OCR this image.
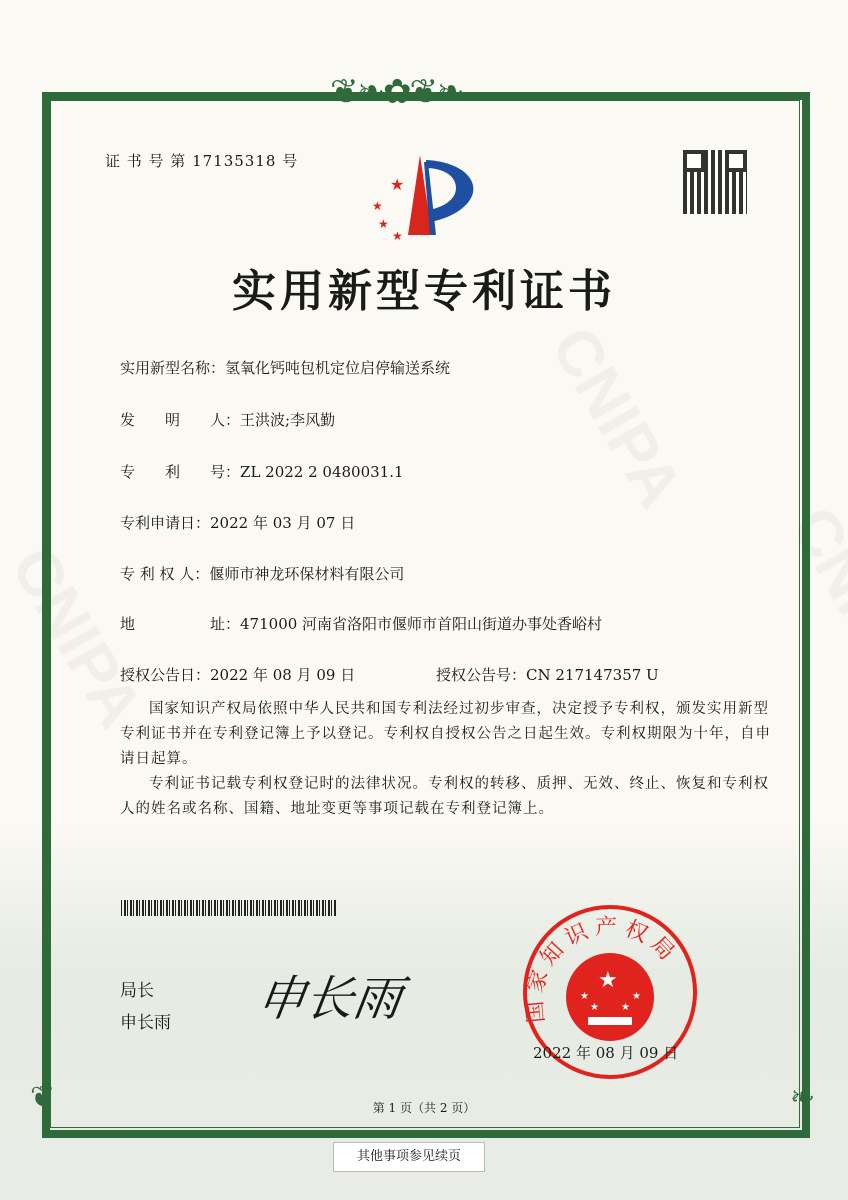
❦❧✿❦❧
❦	❧
证 书 号 第 17135318 号
★
★
★
★
实用新型专利证书
实用新型名称：氢氧化钙吨包机定位启停输送系统
发　　明　　人：王洪波;李风勤
专　　利　　号：ZL 2022 2 0480031.1
专利申请日：2022 年 03 月 07 日
专 利 权 人：偃师市神龙环保材料有限公司
地　　　　　址：471000 河南省洛阳市偃师市首阳山街道办事处香峪村
授权公告日：2022 年 08 月 09 日	授权公告号：CN 217147357 U

国家知识产权局依照中华人民共和国专利法经过初步审查，决定授予专利权，颁发实用新型专利证书并在专利登记簿上予以登记。专利权自授权公告之日起生效。专利权期限为十年，自申请日起算。

专利证书记载专利权登记时的法律状况。专利权的转移、质押、无效、终止、恢复和专利权人的姓名或名称、国籍、地址变更等事项记载在专利登记簿上。

局长
申长雨 申长雨	国家知识产权局
★
★	★
★ ★
2022 年 08 月 09 日
第 1 页（共 2 页）
其他事项参见续页
